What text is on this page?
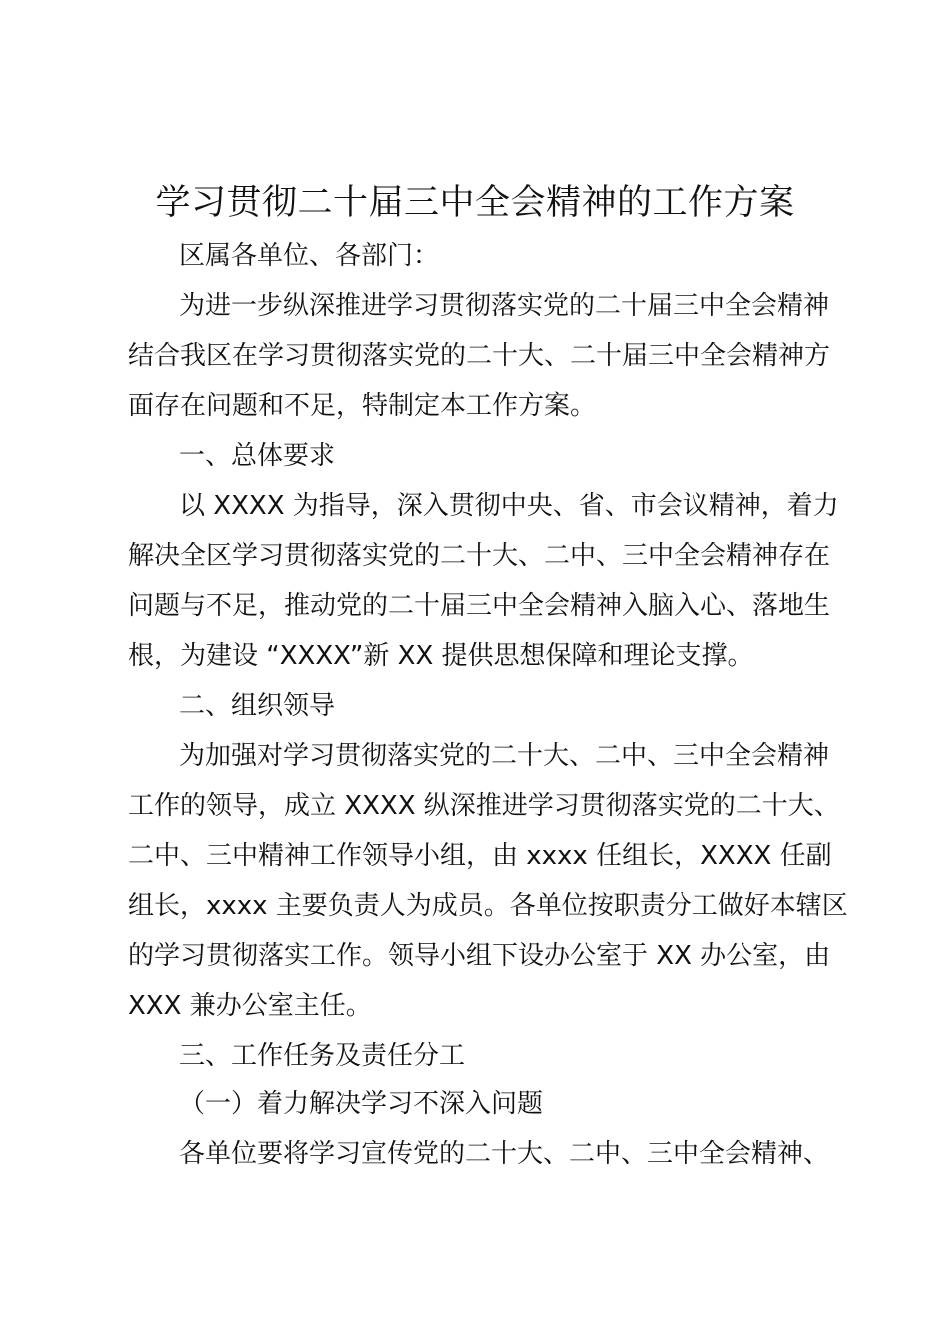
学习贯彻二十届三中全会精神的工作方案
区属各单位、各部门：
为进一步纵深推进学习贯彻落实党的二十届三中全会精神
结合我区在学习贯彻落实党的二十大、二十届三中全会精神方
面存在问题和不足，特制定本工作方案。
一、总体要求
以 XXXX 为指导，深入贯彻中央、省、市会议精神，着力
解决全区学习贯彻落实党的二十大、二中、三中全会精神存在
问题与不足，推动党的二十届三中全会精神入脑入心、落地生
根，为建设 “XXXX”新 XX 提供思想保障和理论支撑。
二、组织领导
为加强对学习贯彻落实党的二十大、二中、三中全会精神
工作的领导，成立 XXXX 纵深推进学习贯彻落实党的二十大、
二中、三中精神工作领导小组，由 xxxx 任组长，XXXX 任副
组长，xxxx 主要负责人为成员。各单位按职责分工做好本辖区
的学习贯彻落实工作。领导小组下设办公室于 XX 办公室，由
XXX 兼办公室主任。
三、工作任务及责任分工
（一）着力解决学习不深入问题
各单位要将学习宣传党的二十大、二中、三中全会精神、
